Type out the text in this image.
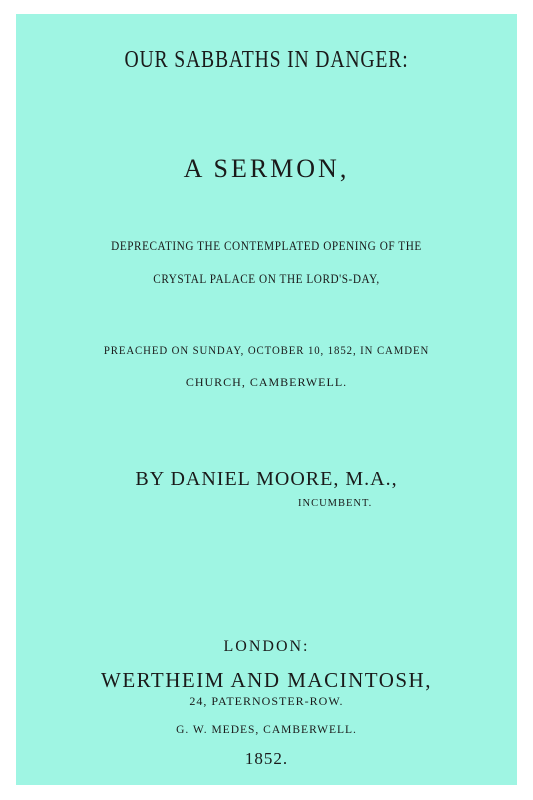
OUR SABBATHS IN DANGER:
A SERMON,
DEPRECATING THE CONTEMPLATED OPENING OF THE
CRYSTAL PALACE ON THE LORD'S-DAY,
PREACHED ON SUNDAY, OCTOBER 10, 1852, IN CAMDEN
CHURCH, CAMBERWELL.
BY DANIEL MOORE, M.A.,
INCUMBENT.
LONDON:
WERTHEIM AND MACINTOSH,
24, PATERNOSTER-ROW.
G. W. MEDES, CAMBERWELL.
1852.
